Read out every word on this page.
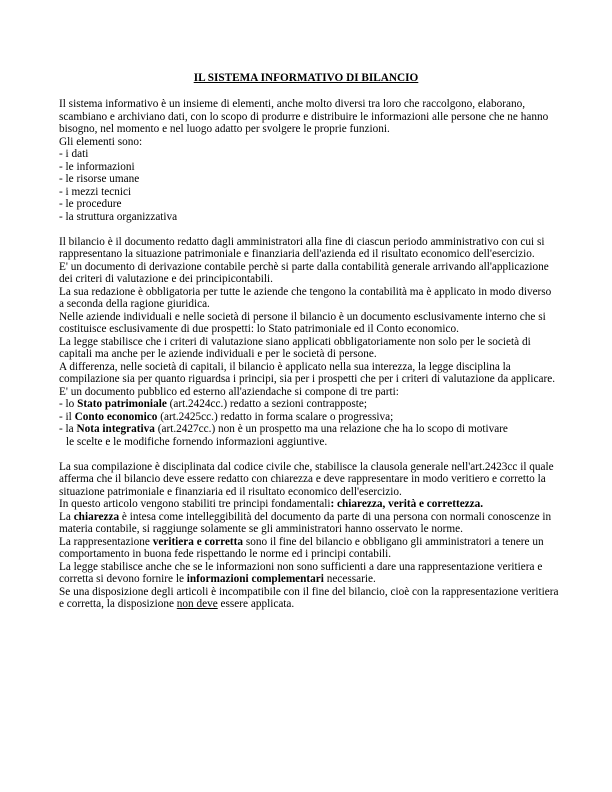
IL SISTEMA INFORMATIVO DI BILANCIO

Il sistema informativo è un insieme di elementi, anche molto diversi tra loro che raccolgono, elaborano, scambiano e archiviano dati, con lo scopo di produrre e distribuire le informazioni alle persone che ne hanno bisogno, nel momento e nel luogo adatto per svolgere le proprie funzioni.

Gli elementi sono:

- i dati
- le informazioni
- le risorse umane
- i mezzi tecnici
- le procedure
- la struttura organizzativa

Il bilancio è il documento redatto dagli amministratori alla fine di ciascun periodo amministrativo con cui si rappresentano la situazione patrimoniale e finanziaria dell'azienda ed il risultato economico dell'esercizio.

E' un documento di derivazione contabile perchè si parte dalla contabilità generale arrivando all'applicazione dei criteri di valutazione e dei principicontabili.

La sua redazione è obbligatoria per tutte le aziende che tengono la contabilità ma è applicato in modo diverso a seconda della ragione giuridica.

Nelle aziende individuali e nelle società di persone il bilancio è un documento esclusivamente interno che si costituisce esclusivamente di due prospetti: lo Stato patrimoniale ed il Conto economico.

La legge stabilisce che i criteri di valutazione siano applicati obbligatoriamente non solo per le società di capitali ma anche per le aziende individuali e per le società di persone.

A differenza, nelle società di capitali, il bilancio è applicato nella sua interezza, la legge disciplina la compilazione sia per quanto riguardsa i principi, sia per i prospetti che per i criteri di valutazione da applicare.

E' un documento pubblico ed esterno all'aziendache si compone di tre parti:

- lo Stato patrimoniale (art.2424cc.) redatto a sezioni contrapposte;
- il Conto economico (art.2425cc.) redatto in forma scalare o progressiva;
- la Nota integrativa (art.2427cc.) non è un prospetto ma una relazione che ha lo scopo di motivare
le scelte e le modifiche fornendo informazioni aggiuntive.

La sua compilazione è disciplinata dal codice civile che, stabilisce la clausola generale nell'art.2423cc il quale afferma che il bilancio deve essere redatto con chiarezza e deve rappresentare in modo veritiero e corretto la situazione patrimoniale e finanziaria ed il risultato economico dell'esercizio.

In questo articolo vengono stabiliti tre principi fondamentali: chiarezza, verità e correttezza.

La chiarezza è intesa come intelleggibilità del documento da parte di una persona con normali conoscenze in materia contabile, si raggiunge solamente se gli amministratori hanno osservato le norme.

La rappresentazione veritiera e corretta sono il fine del bilancio e obbligano gli amministratori a tenere un comportamento in buona fede rispettando le norme ed i principi contabili.

La legge stabilisce anche che se le informazioni non sono sufficienti a dare una rappresentazione veritiera e corretta si devono fornire le informazioni complementari necessarie.

Se una disposizione degli articoli è incompatibile con il fine del bilancio, cioè con la rappresentazione veritiera e corretta, la disposizione non deve essere applicata.
